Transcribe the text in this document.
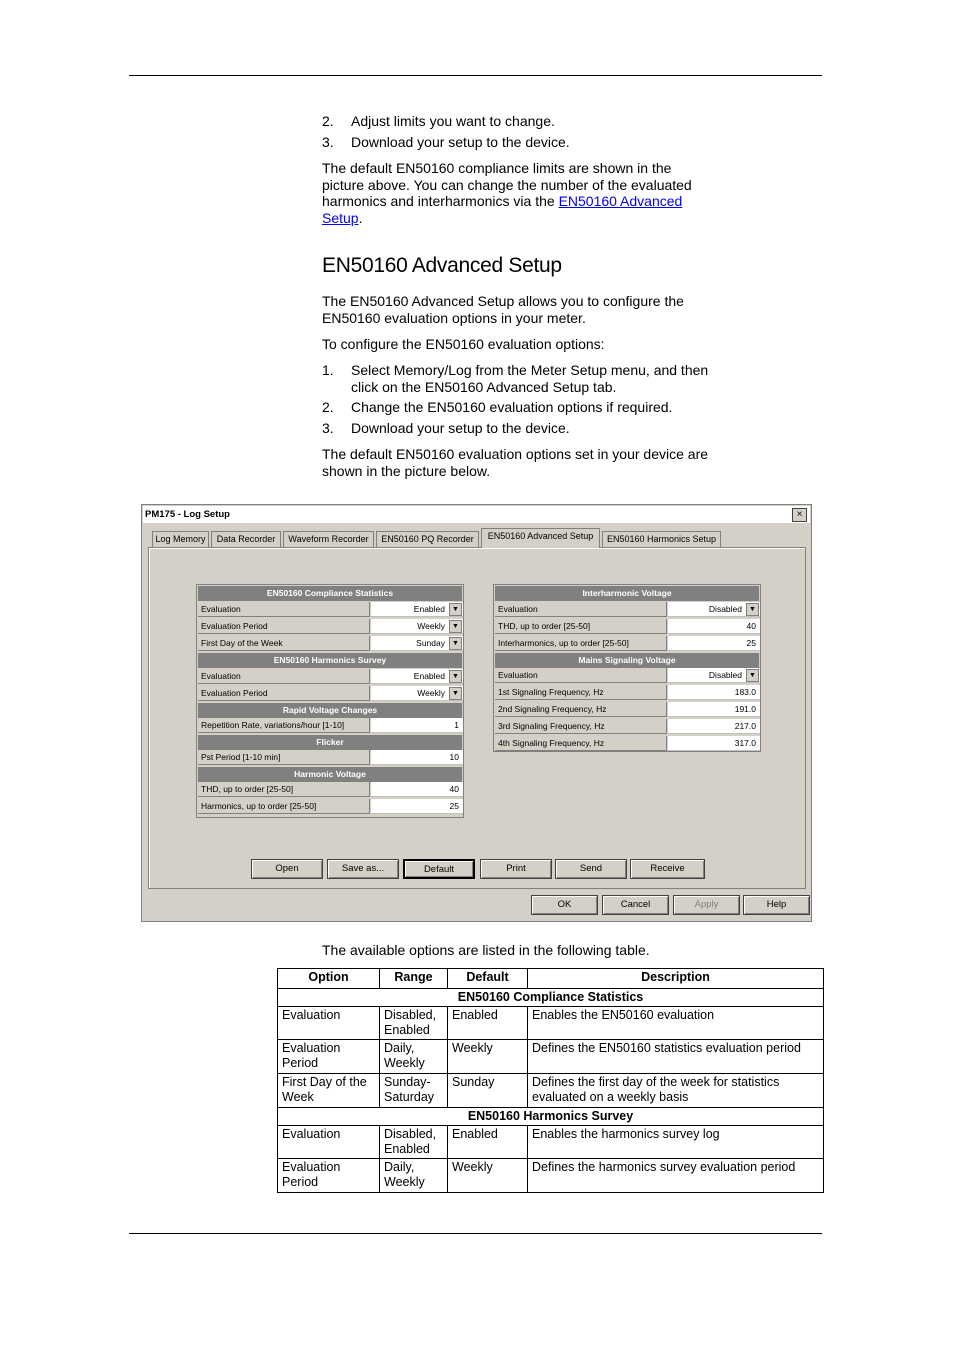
2. Adjust limits you want to change.
3. Download your setup to the device.
The default EN50160 compliance limits are shown in the picture above. You can change the number of the evaluated harmonics and interharmonics via the EN50160 Advanced Setup.
EN50160 Advanced Setup
The EN50160 Advanced Setup allows you to configure the EN50160 evaluation options in your meter.
To configure the EN50160 evaluation options:
1. Select Memory/Log from the Meter Setup menu, and then click on the EN50160 Advanced Setup tab.
2. Change the EN50160 evaluation options if required.
3. Download your setup to the device.
The default EN50160 evaluation options set in your device are shown in the picture below.
PM175 - Log Setup	×
Log Memory	Data Recorder	Waveform Recorder	EN50160 PQ Recorder	EN50160 Advanced Setup	EN50160 Harmonics Setup
EN50160 Compliance Statistics
Evaluation	Enabled	▼
Evaluation Period	Weekly	▼
First Day of the Week	Sunday	▼
EN50160 Harmonics Survey
Evaluation	Enabled	▼
Evaluation Period	Weekly	▼
Rapid Voltage Changes
Repetition Rate, variations/hour [1-10]	1
Flicker
Pst Period [1-10 min]	10
Harmonic Voltage
THD, up to order [25-50]	40
Harmonics, up to order [25-50]	25
Interharmonic Voltage
Evaluation	Disabled	▼
THD, up to order [25-50]	40
Interharmonics, up to order [25-50]	25
Mains Signaling Voltage
Evaluation	Disabled	▼
1st Signaling Frequency, Hz	183.0
2nd Signaling Frequency, Hz	191.0
3rd Signaling Frequency, Hz	217.0
4th Signaling Frequency, Hz	317.0
Open	Save as...	Default	Print	Send	Receive
OK	Cancel	Apply	Help
The available options are listed in the following table.
Option	Range	Default	Description
EN50160 Compliance Statistics			
Evaluation	Disabled, Enabled	Enabled	Enables the EN50160 evaluation
Evaluation Period	Daily, Weekly	Weekly	Defines the EN50160 statistics evaluation period
First Day of the Week	Sunday-Saturday	Sunday	Defines the first day of the week for statistics evaluated on a weekly basis
EN50160 Harmonics Survey			
Evaluation	Disabled, Enabled	Enabled	Enables the harmonics survey log
Evaluation Period	Daily, Weekly	Weekly	Defines the harmonics survey evaluation period
